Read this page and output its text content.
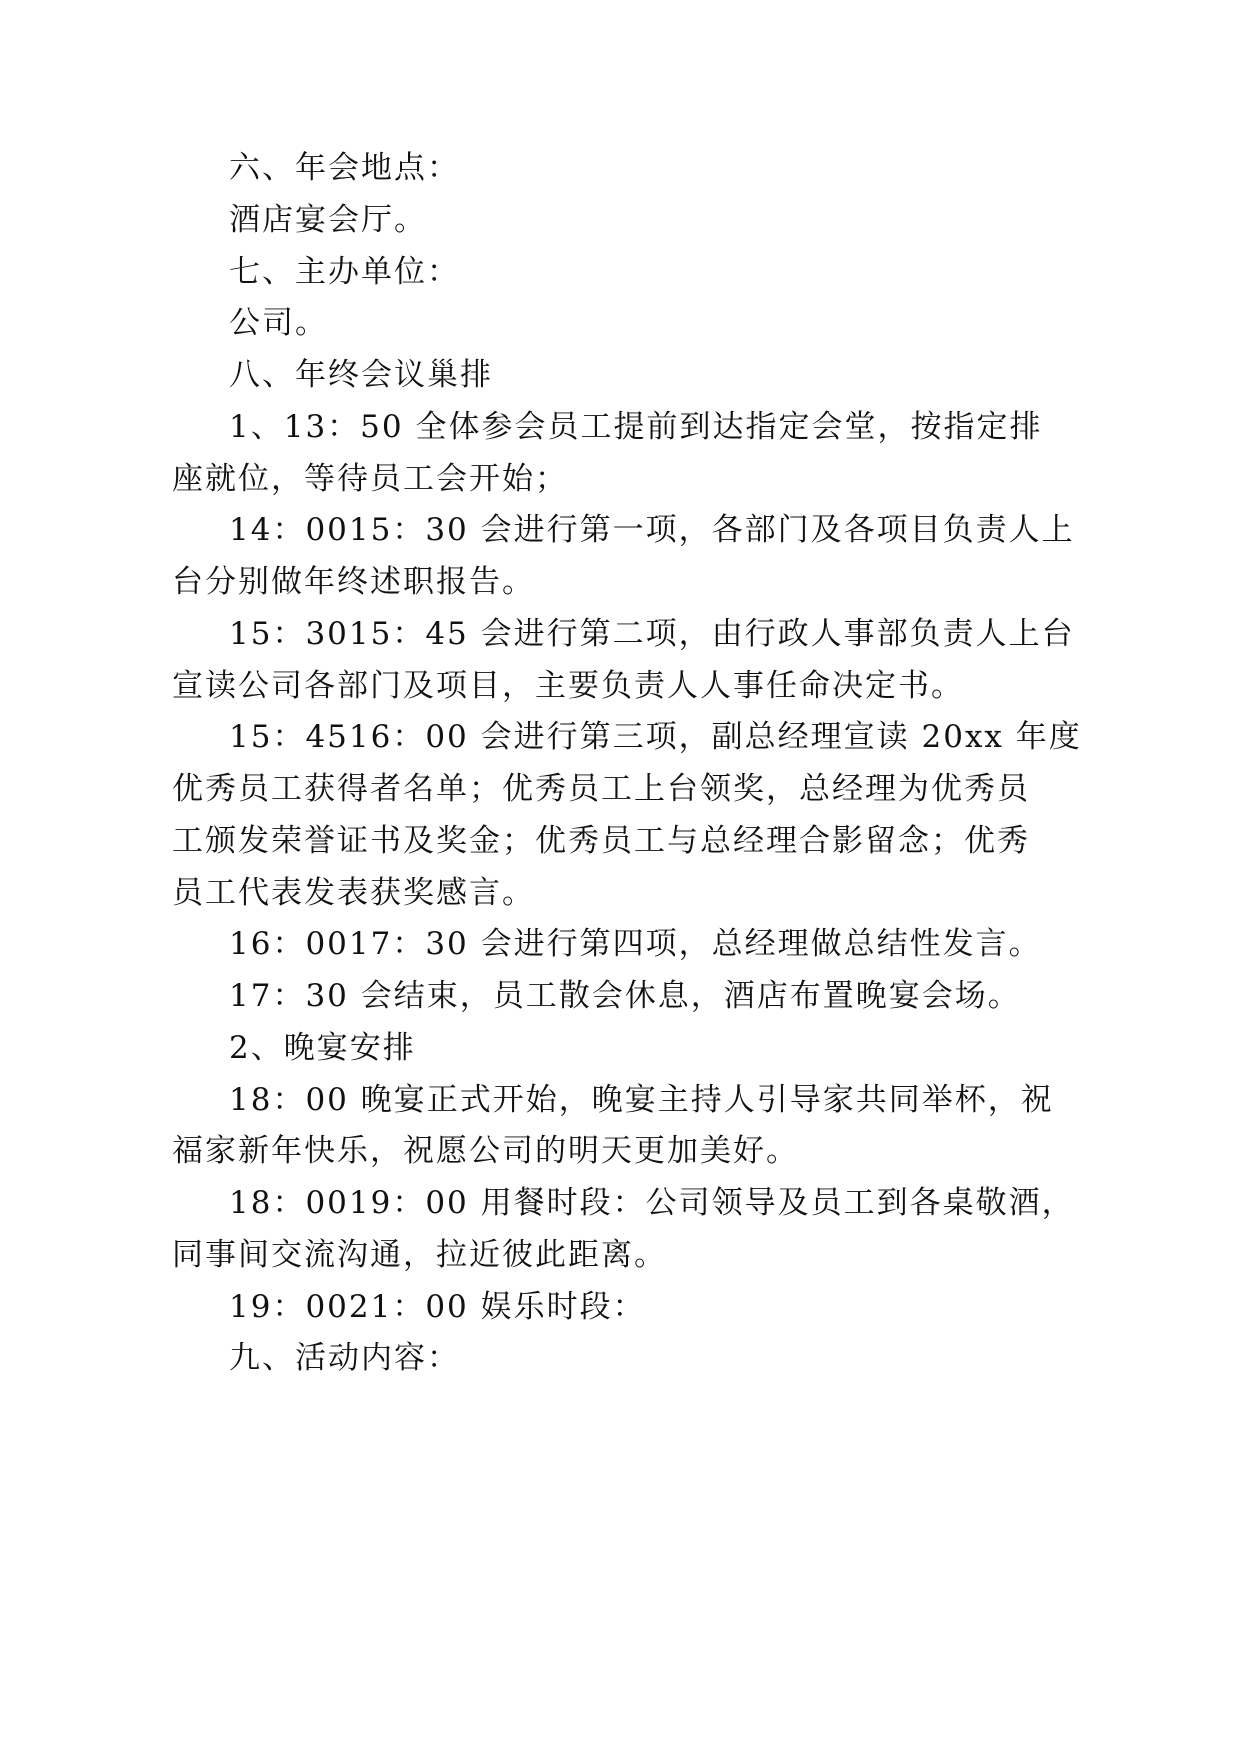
六、年会地点：
酒店宴会厅。
七、主办单位：
公司。
八、年终会议巢排
1、13：50 全体参会员工提前到达指定会堂，按指定排
座就位，等待员工会开始；
14：0015：30 会进行第一项，各部门及各项目负责人上
台分别做年终述职报告。
15：3015：45 会进行第二项，由行政人事部负责人上台
宣读公司各部门及项目，主要负责人人事任命决定书。
15：4516：00 会进行第三项，副总经理宣读 20xx 年度
优秀员工获得者名单；优秀员工上台领奖，总经理为优秀员
工颁发荣誉证书及奖金；优秀员工与总经理合影留念；优秀
员工代表发表获奖感言。
16：0017：30 会进行第四项，总经理做总结性发言。
17：30 会结束，员工散会休息，酒店布置晚宴会场。
2、晚宴安排
18：00 晚宴正式开始，晚宴主持人引导家共同举杯，祝
福家新年快乐，祝愿公司的明天更加美好。
18：0019：00 用餐时段：公司领导及员工到各桌敬酒，
同事间交流沟通，拉近彼此距离。
19：0021：00 娱乐时段：
九、活动内容：
